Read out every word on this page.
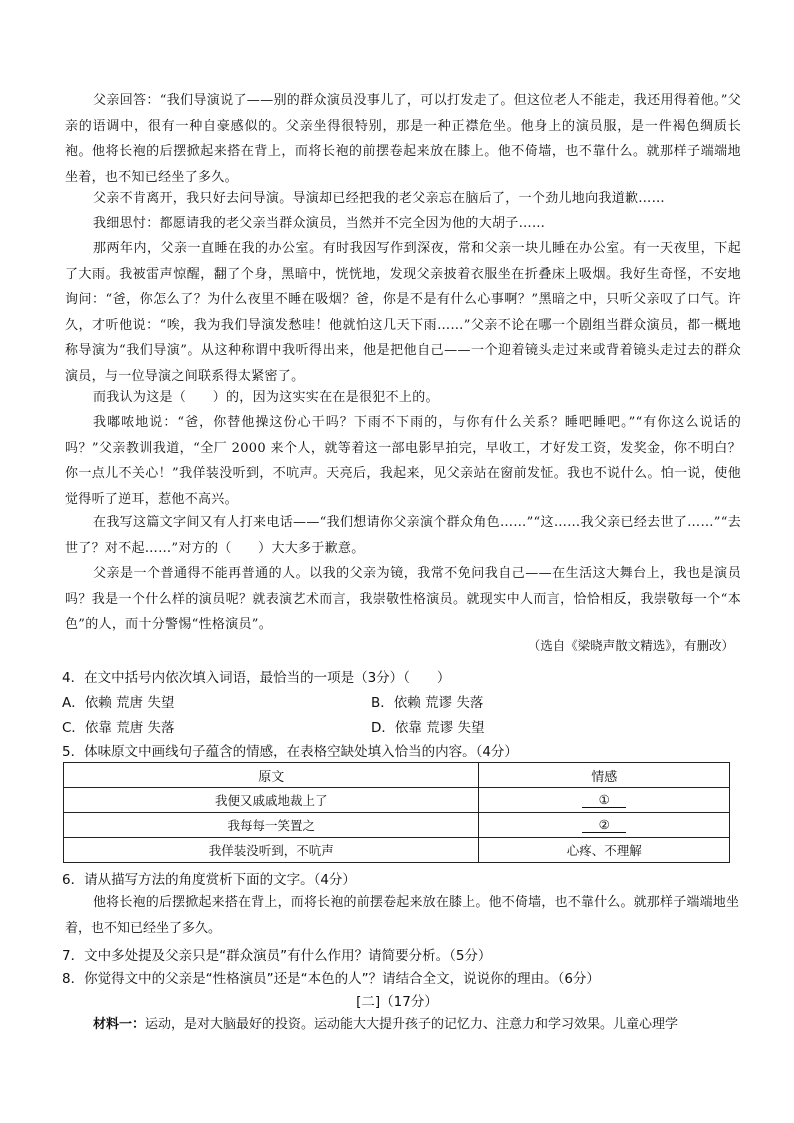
父亲回答：“我们导演说了——别的群众演员没事儿了，可以打发走了。但这位老人不能走，我还用得着他。”父亲的语调中，很有一种自豪感似的。父亲坐得很特别，那是一种正襟危坐。他身上的演员服，是一件褐色绸质长袍。他将长袍的后摆掀起来搭在背上，而将长袍的前摆卷起来放在膝上。他不倚墙，也不靠什么。就那样子端端地坐着，也不知已经坐了多久。

父亲不肯离开，我只好去问导演。导演却已经把我的老父亲忘在脑后了，一个劲儿地向我道歉……

我细思忖：都愿请我的老父亲当群众演员，当然并不完全因为他的大胡子……

那两年内，父亲一直睡在我的办公室。有时我因写作到深夜，常和父亲一块儿睡在办公室。有一天夜里，下起了大雨。我被雷声惊醒，翻了个身，黑暗中，恍恍地，发现父亲披着衣服坐在折叠床上吸烟。我好生奇怪，不安地询问：“爸，你怎么了？为什么夜里不睡在吸烟？爸，你是不是有什么心事啊？”黑暗之中，只听父亲叹了口气。许久，才听他说：“唉，我为我们导演发愁哇！他就怕这几天下雨……”父亲不论在哪一个剧组当群众演员，都一概地称导演为“我们导演”。从这种称谓中我听得出来，他是把他自己——一个迎着镜头走过来或背着镜头走过去的群众演员，与一位导演之间联系得太紧密了。

而我认为这是（　　）的，因为这实实在在是很犯不上的。

我嘟哝地说：“爸，你替他操这份心干吗？下雨不下雨的，与你有什么关系？睡吧睡吧。”“有你这么说话的吗？”父亲教训我道，“全厂 2000 来个人，就等着这一部电影早拍完，早收工，才好发工资，发奖金，你不明白？你一点儿不关心！”我佯装没听到，不吭声。天亮后，我起来，见父亲站在窗前发怔。我也不说什么。怕一说，使他觉得听了逆耳，惹他不高兴。

在我写这篇文字间又有人打来电话——“我们想请你父亲演个群众角色……”“这……我父亲已经去世了……”“去世了？对不起……”对方的（　　）大大多于歉意。

父亲是一个普通得不能再普通的人。以我的父亲为镜，我常不免问我自己——在生活这大舞台上，我也是演员吗？我是一个什么样的演员呢？就表演艺术而言，我崇敬性格演员。就现实中人而言，恰恰相反，我崇敬每一个“本色”的人，而十分警惕“性格演员”。

（选自《梁晓声散文精选》，有删改）

4．在文中括号内依次填入词语，最恰当的一项是（3分）（　　）

A．依赖 荒唐 失望	B．依赖 荒谬 失落
C．依靠 荒唐 失落	D．依靠 荒谬 失望

5．体味原文中画线句子蕴含的情感，在表格空缺处填入恰当的内容。（4分）

原文	情感
我便又戚戚地裁上了	①
我每每一笑置之	②
我佯装没听到，不吭声	心疼、不理解

6．请从描写方法的角度赏析下面的文字。（4分）

他将长袍的后摆掀起来搭在背上，而将长袍的前摆卷起来放在膝上。他不倚墙，也不靠什么。就那样子端端地坐着，也不知已经坐了多久。

7．文中多处提及父亲只是“群众演员”有什么作用？请简要分析。（5分）

8．你觉得文中的父亲是“性格演员”还是“本色的人”？请结合全文，说说你的理由。（6分）

[二]（17分）

材料一：运动，是对大脑最好的投资。运动能大大提升孩子的记忆力、注意力和学习效果。儿童心理学
